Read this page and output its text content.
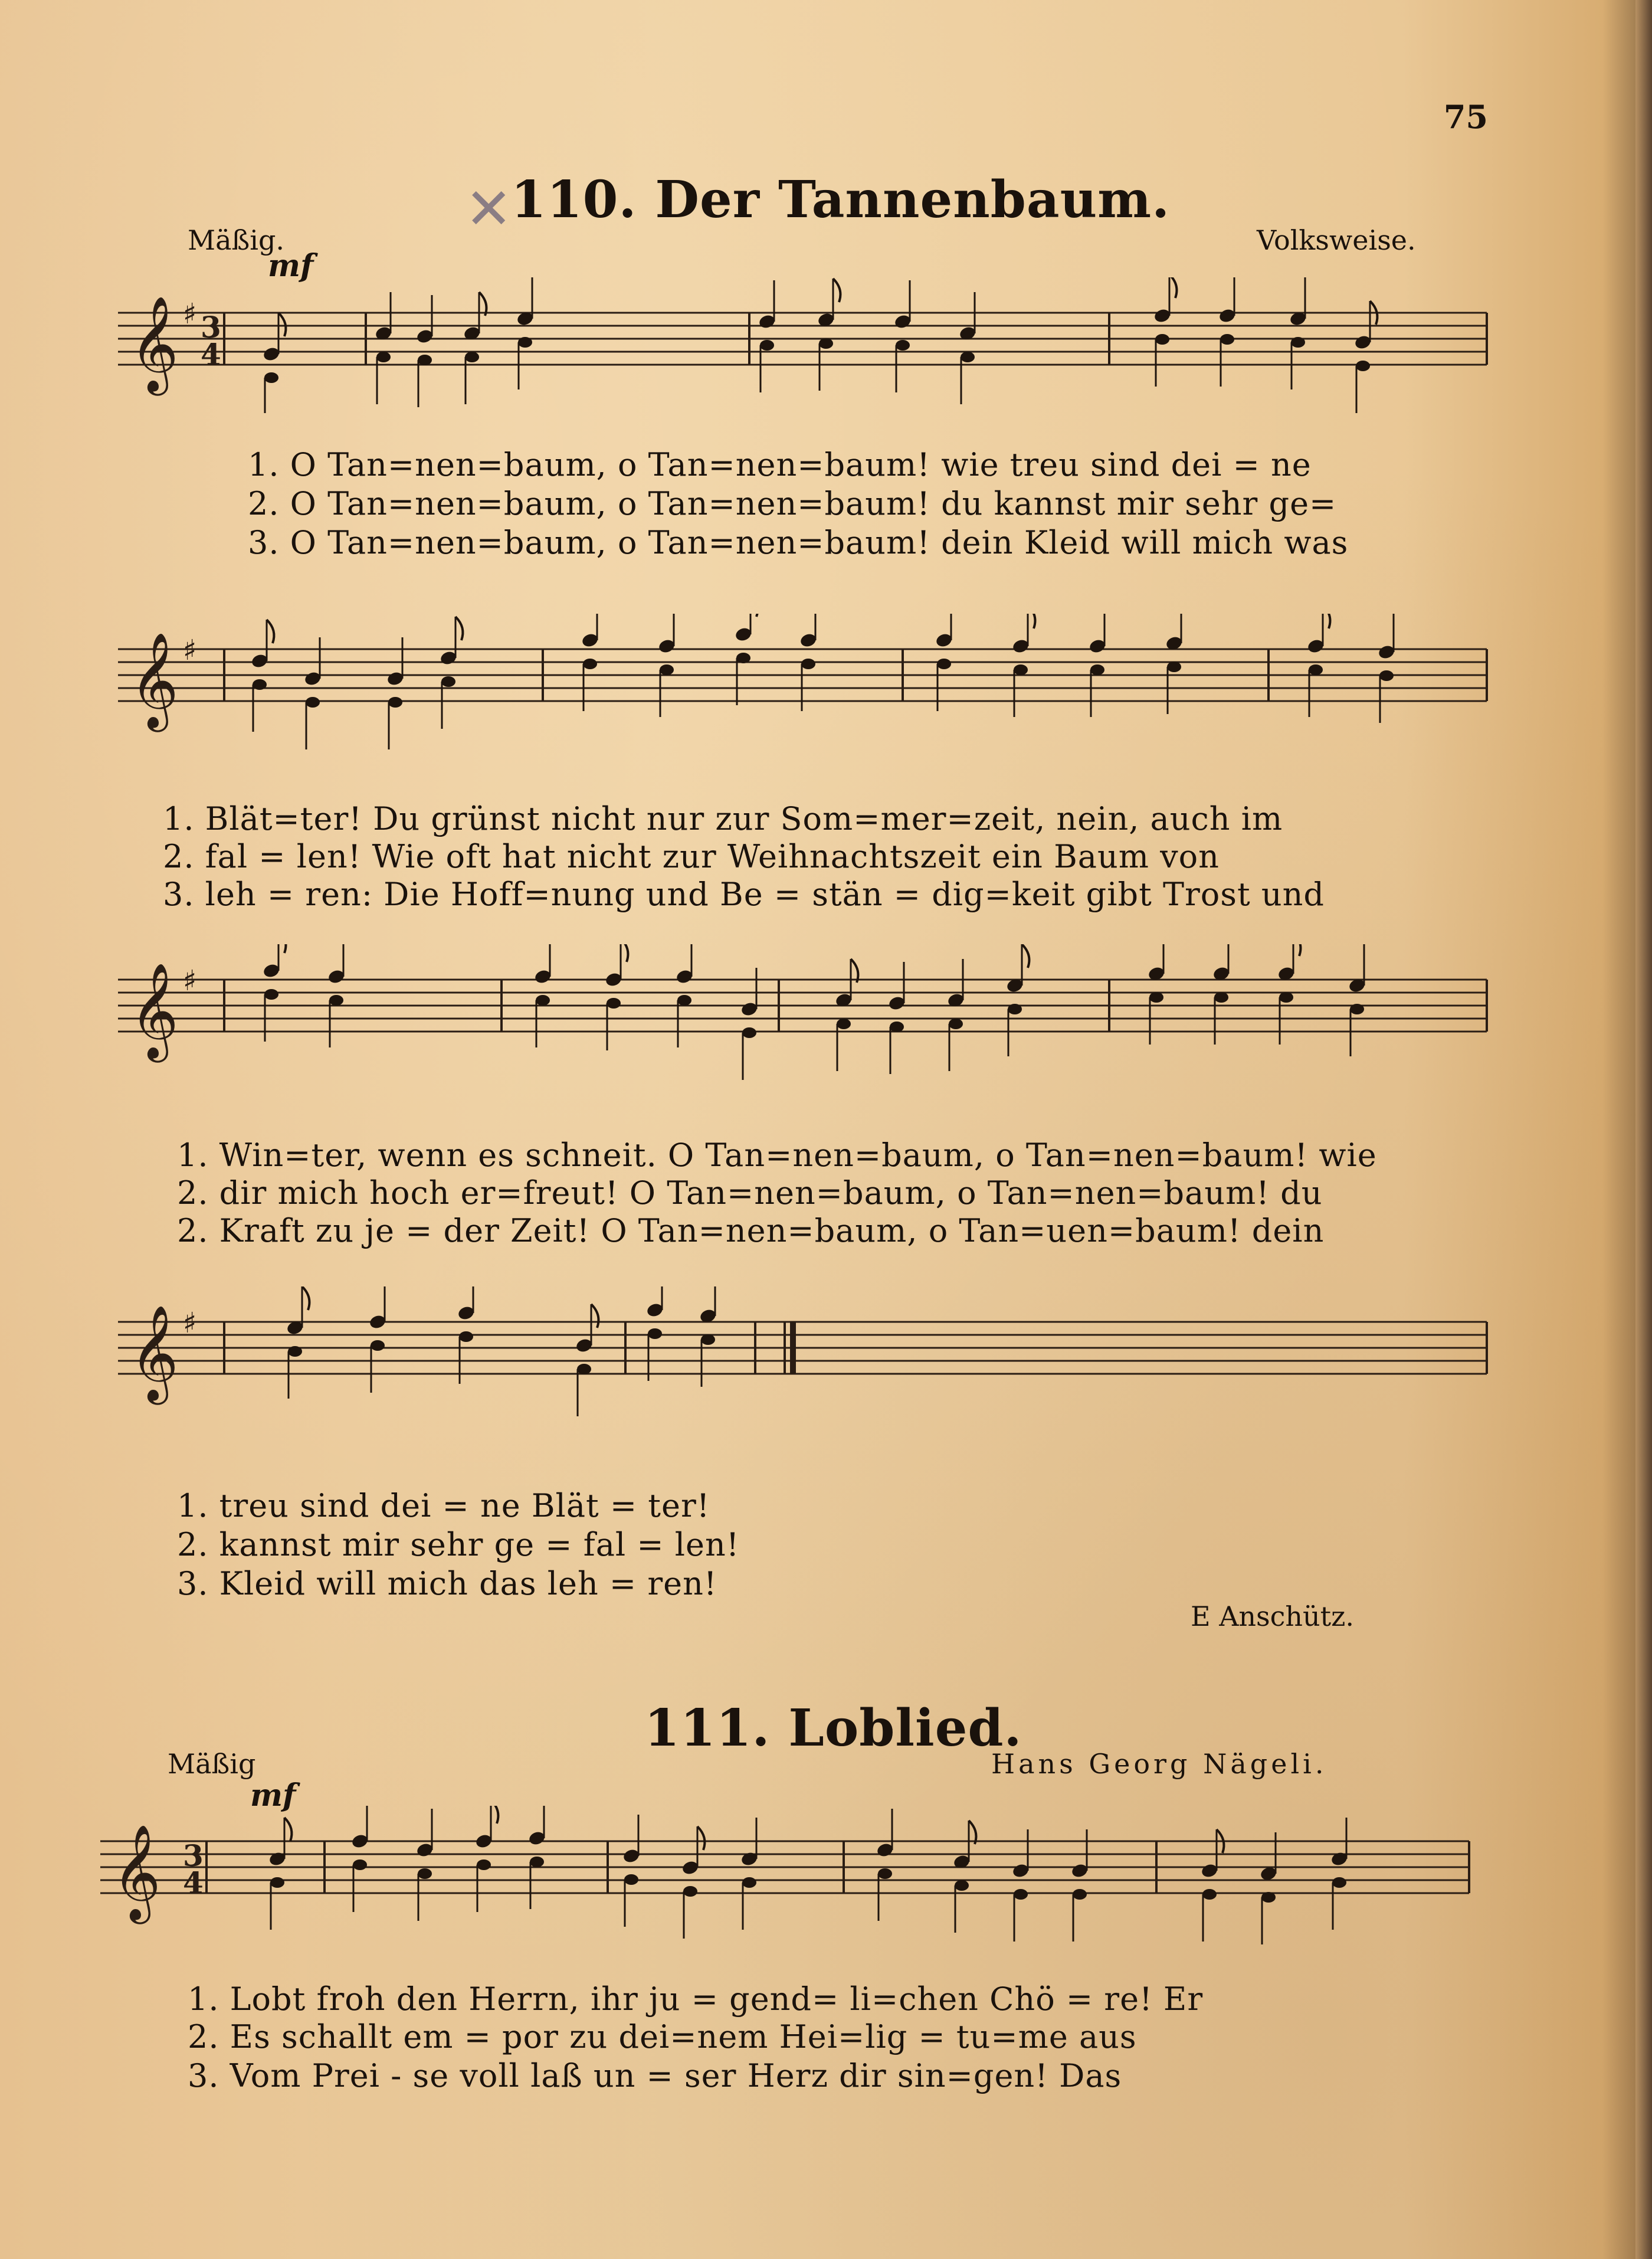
75
✕
110. Der Tannenbaum.
Mäßig.	Volksweise.
mf
𝄞 ♯ 3
4
1. O Tan=nen=baum, o Tan=nen=baum! wie treu sind dei = ne
2. O Tan=nen=baum, o Tan=nen=baum! du kannst mir sehr ge=
3. O Tan=nen=baum, o Tan=nen=baum! dein Kleid will mich was
𝄞 ♯
1. Blät=ter! Du grünst nicht nur zur Som=mer=zeit, nein, auch im
2. fal = len! Wie oft hat nicht zur Weihnachtszeit ein Baum von
3. leh = ren: Die Hoff=nung und Be = stän = dig=keit gibt Trost und
𝄞 ♯
1. Win=ter, wenn es schneit. O Tan=nen=baum, o Tan=nen=baum! wie
2. dir mich hoch er=freut! O Tan=nen=baum, o Tan=nen=baum! du
2. Kraft zu je = der Zeit! O Tan=nen=baum, o Tan=uen=baum! dein
𝄞 ♯
1. treu sind dei = ne Blät = ter!
2. kannst mir sehr ge = fal = len!
3. Kleid will mich das leh = ren!
E Anschütz.
111. Loblied.
Mäßig	Hans Georg Nägeli.
mf
𝄞 3
4
1. Lobt froh den Herrn, ihr ju = gend= li=chen Chö = re! Er
2. Es schallt em = por zu dei=nem Hei=lig = tu=me aus
3. Vom Prei - se voll laß un = ser Herz dir sin=gen! Das
